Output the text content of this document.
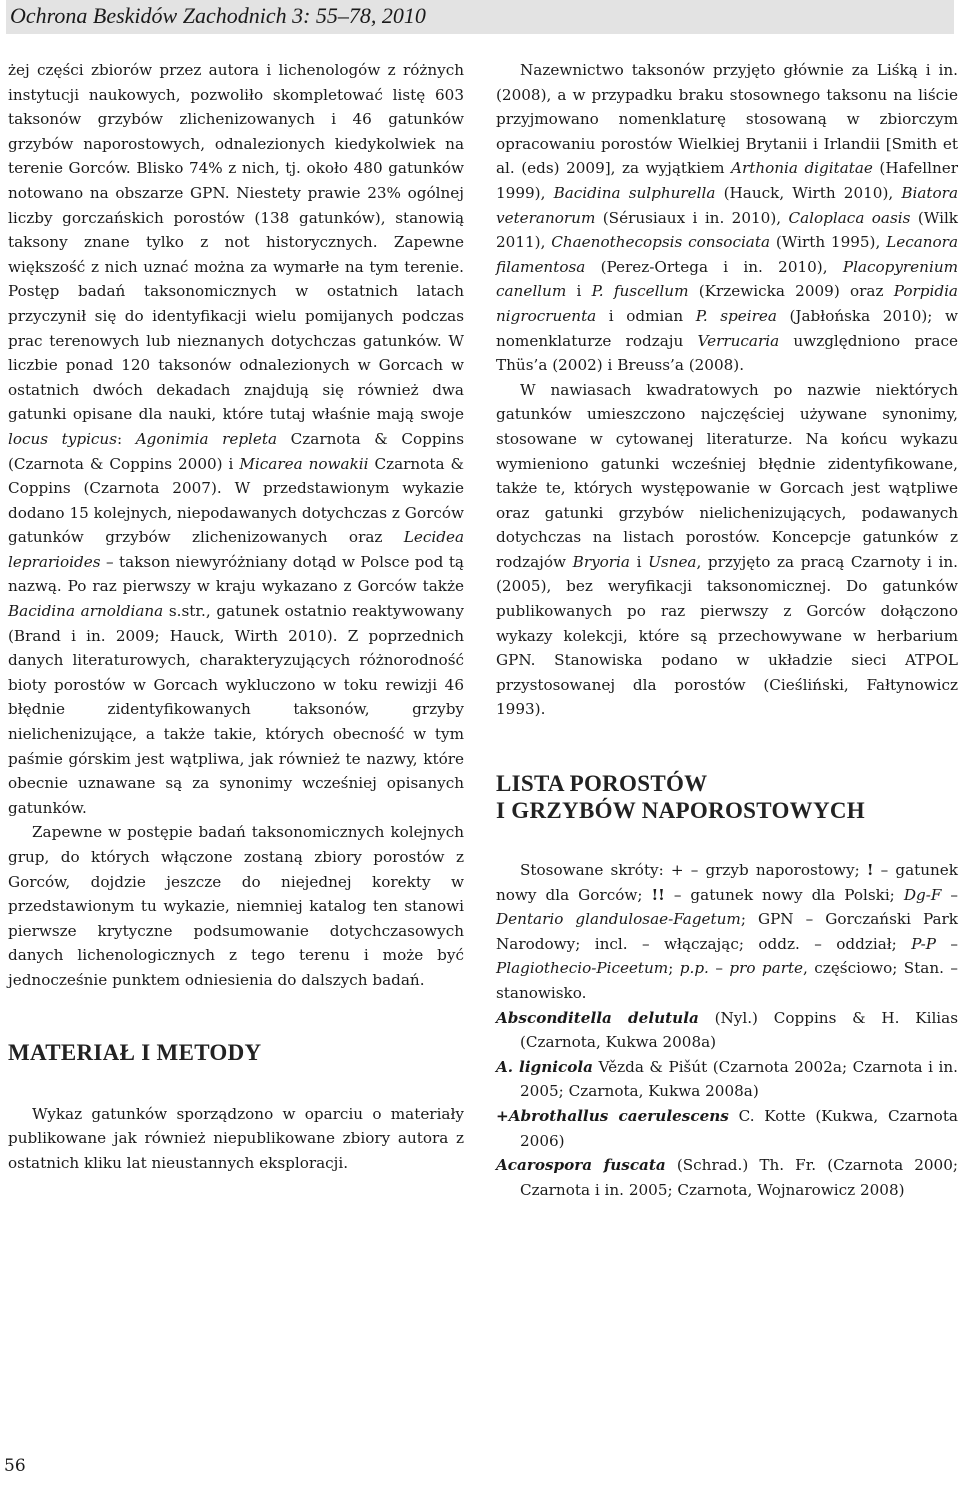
Ochrona Beskidów Zachodnich 3: 55–78, 2010

żej części zbiorów przez autora i lichenologów z różnych instytucji naukowych, pozwoliło skompletować listę 603 taksonów grzybów zlichenizowanych i 46 gatunków grzybów naporostowych, odnalezionych kiedykolwiek na terenie Gorców. Blisko 74% z nich, tj. około 480 gatunków notowano na obszarze GPN. Niestety prawie 23% ogólnej liczby gorczańskich porostów (138 gatunków), stanowią taksony znane tylko z not historycznych. Zapewne większość z nich uznać można za wymarłe na tym terenie. Postęp badań taksonomicznych w ostatnich latach przyczynił się do identyfikacji wielu pomijanych podczas prac terenowych lub nieznanych dotychczas gatunków. W liczbie ponad 120 taksonów odnalezionych w Gorcach w ostatnich dwóch dekadach znajdują się również dwa gatunki opisane dla nauki, które tutaj właśnie mają swoje locus typicus: Agonimia repleta Czarnota & Coppins (Czarnota & Coppins 2000) i Micarea nowakii Czarnota & Coppins (Czarnota 2007). W przedstawionym wykazie dodano 15 kolejnych, niepodawanych dotychczas z Gorców gatunków grzybów zlichenizowanych oraz Lecidea leprarioides – takson niewyróżniany dotąd w Polsce pod tą nazwą. Po raz pierwszy w kraju wykazano z Gorców także Bacidina arnoldiana s.str., gatunek ostatnio reaktywowany (Brand i in. 2009; Hauck, Wirth 2010). Z poprzednich danych literaturowych, charakteryzujących różnorodność bioty porostów w Gorcach wykluczono w toku rewizji 46 błędnie zidentyfikowanych taksonów, grzyby nielichenizujące, a także takie, których obecność w tym paśmie górskim jest wątpliwa, jak również te nazwy, które obecnie uznawane są za synonimy wcześniej opisanych gatunków.

Zapewne w postępie badań taksonomicznych kolejnych grup, do których włączone zostaną zbiory porostów z Gorców, dojdzie jeszcze do niejednej korekty w przedstawionym tu wykazie, niemniej katalog ten stanowi pierwsze krytyczne podsumowanie dotychczasowych danych lichenologicznych z tego terenu i może być jednocześnie punktem odniesienia do dalszych badań.

MATERIAŁ I METODY

Wykaz gatunków sporządzono w oparciu o materiały publikowane jak również niepublikowane zbiory autora z ostatnich kliku lat nieustannych eksploracji.

Nazewnictwo taksonów przyjęto głównie za Liśką i in. (2008), a w przypadku braku stosownego taksonu na liście przyjmowano nomenklaturę stosowaną w zbiorczym opracowaniu porostów Wielkiej Brytanii i Irlandii [Smith et al. (eds) 2009], za wyjątkiem Arthonia digitatae (Hafellner 1999), Bacidina sulphurella (Hauck, Wirth 2010), Biatora veteranorum (Sérusiaux i in. 2010), Caloplaca oasis (Wilk 2011), Chaenothecopsis consociata (Wirth 1995), Lecanora filamentosa (Perez-Ortega i in. 2010), Placopyrenium canellum i P. fuscellum (Krzewicka 2009) oraz Porpidia nigrocruenta i odmian P. speirea (Jabłońska 2010); w nomenklaturze rodzaju Verrucaria uwzględniono prace Thüs’a (2002) i Breuss’a (2008).

W nawiasach kwadratowych po nazwie niektórych gatunków umieszczono najczęściej używane synonimy, stosowane w cytowanej literaturze. Na końcu wykazu wymieniono gatunki wcześniej błędnie zidentyfikowane, także te, których występowanie w Gorcach jest wątpliwe oraz gatunki grzybów nielichenizujących, podawanych dotychczas na listach porostów. Koncepcje gatunków z rodzajów Bryoria i Usnea, przyjęto za pracą Czarnoty i in. (2005), bez weryfikacji taksonomicznej. Do gatunków publikowanych po raz pierwszy z Gorców dołączono wykazy kolekcji, które są przechowywane w herbarium GPN. Stanowiska podano w układzie sieci ATPOL przystosowanej dla porostów (Cieśliński, Fałtynowicz 1993).

LISTA POROSTÓW
I GRZYBÓW NAPOROSTOWYCH

Stosowane skróty: + – grzyb naporostowy; ! – gatunek nowy dla Gorców; !! – gatunek nowy dla Polski; Dg-F – Dentario glandulosae-Fagetum; GPN – Gorczański Park Narodowy; incl. – włączając; oddz. – oddział; P-P – Plagiothecio-Piceetum; p.p. – pro parte, częściowo; Stan. – stanowisko.

Absconditella delutula (Nyl.) Coppins & H. Kilias (Czarnota, Kukwa 2008a)

A. lignicola Vězda & Pišút (Czarnota 2002a; Czarnota i in. 2005; Czarnota, Kukwa 2008a)

+Abrothallus caerulescens C. Kotte (Kukwa, Czarnota 2006)

Acarospora fuscata (Schrad.) Th. Fr. (Czarnota 2000; Czarnota i in. 2005; Czarnota, Wojnarowicz 2008)

56
